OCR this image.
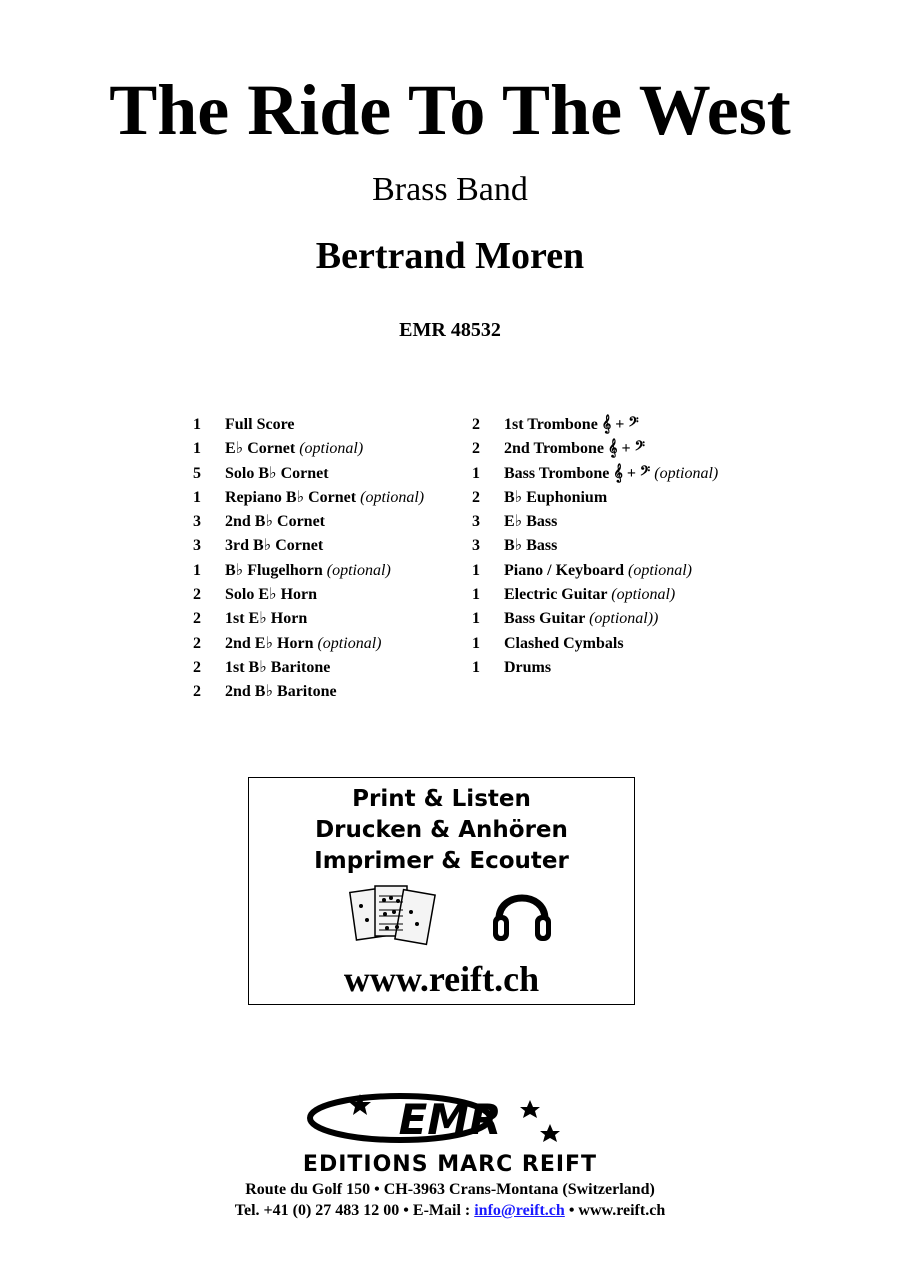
The Ride To The West
Brass Band
Bertrand Moren
EMR 48532
1 Full Score
1 E♭ Cornet (optional)
5 Solo B♭ Cornet
1 Repiano B♭ Cornet (optional)
3 2nd B♭ Cornet
3 3rd B♭ Cornet
1 B♭ Flugelhorn (optional)
2 Solo E♭ Horn
2 1st E♭ Horn
2 2nd E♭ Horn (optional)
2 1st B♭ Baritone
2 2nd B♭ Baritone
2 1st Trombone 𝄞 + 𝄢
2 2nd Trombone 𝄞 + 𝄢
1 Bass Trombone 𝄞 + 𝄢 (optional)
2 B♭ Euphonium
3 E♭ Bass
3 B♭ Bass
1 Piano / Keyboard (optional)
1 Electric Guitar (optional)
1 Bass Guitar (optional))
1 Clashed Cymbals
1 Drums
Print & Listen
Drucken & Anhören
Imprimer & Ecouter
www.reift.ch
EMR
EDITIONS MARC REIFT
Route du Golf 150 • CH-3963 Crans-Montana (Switzerland)
Tel. +41 (0) 27 483 12 00 • E-Mail : info@reift.ch • www.reift.ch
